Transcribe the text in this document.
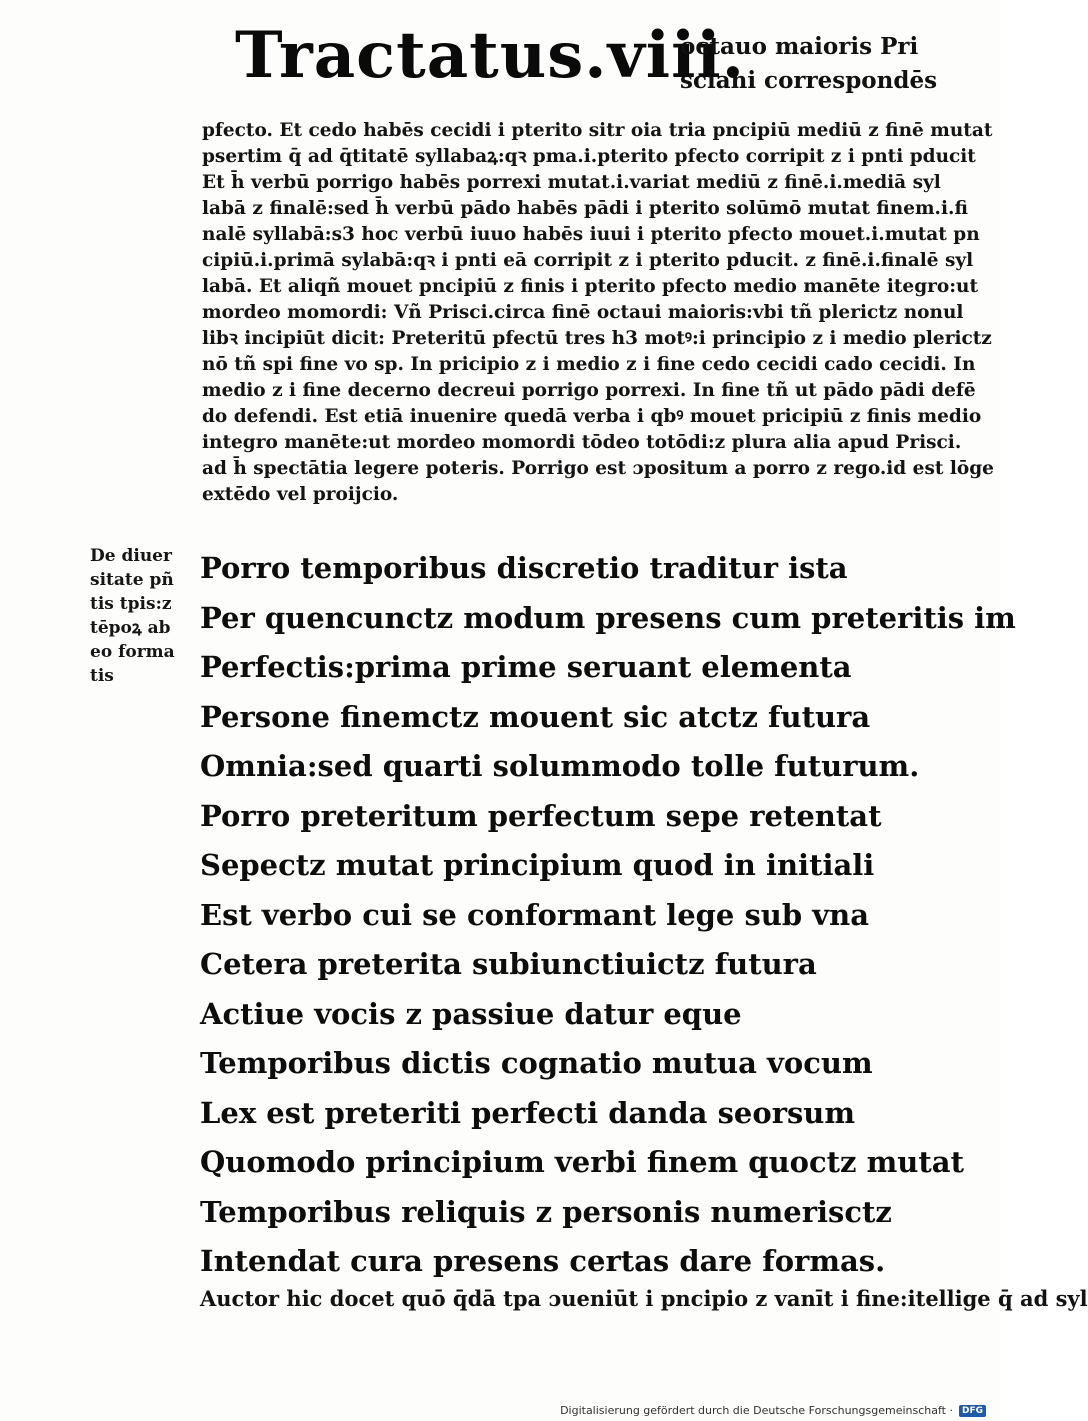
Tractatus.viii.
octauo maioris Pri
sciani correspondēs
pfecto. Et cedo habēs cecidi i pterito sitr oia tria pncipiū mediū z finē mutat
psertim q̄ ad q̄titatē syllabaꝝ:qꝛ pma.i.pterito pfecto corripit z i pnti pducit
Et h̄ verbū porrigo habēs porrexi mutat.i.variat mediū z finē.i.mediā syl
labā z finalē:sed h̄ verbū pādo habēs pādi i pterito solūmō mutat finem.i.fi
nalē syllabā:s3 hoc verbū iuuo habēs iuui i pterito pfecto mouet.i.mutat pn
cipiū.i.primā sylabā:qꝛ i pnti eā corripit z i pterito pducit. z finē.i.finalē syl
labā. Et aliqñ mouet pncipiū z finis i pterito pfecto medio manēte itegro:ut
mordeo momordi: Vñ Prisci.circa finē octaui maioris:vbi tñ plerictz nonul
libꝛ incipiūt dicit: Preteritū pfectū tres h3 motꝰ:i principio z i medio plerictz
nō tñ spi fine vo sp. In pricipio z i medio z i fine cedo cecidi cado cecidi. In
medio z i fine decerno decreui porrigo porrexi. In fine tñ ut pādo pādi defē
do defendi. Est etiā inuenire quedā verba i qbꝰ mouet pricipiū z finis medio
integro manēte:ut mordeo momordi tōdeo totōdi:z plura alia apud Prisci.
ad h̄ spectātia legere poteris. Porrigo est ɔpositum a porro z rego.id est lōge
extēdo vel proijcio.
De diuer
sitate pñ
tis tpis:z
tēpoꝝ ab
eo forma
tis
Porro temporibus discretio traditur ista
Per quencunctz modum presens cum preteritis im
Perfectis:prima prime seruant elementa
Persone finemctz mouent sic atctz futura
Omnia:sed quarti solummodo tolle futurum.
Porro preteritum perfectum sepe retentat
Sepectz mutat principium quod in initiali
Est verbo cui se conformant lege sub vna
Cetera preterita subiunctiuictz futura
Actiue vocis z passiue datur eque
Temporibus dictis cognatio mutua vocum
Lex est preteriti perfecti danda seorsum
Quomodo principium verbi finem quoctz mutat
Temporibus reliquis z personis numerisctz
Intendat cura presens certas dare formas.
Auctor hic docet quō q̄dā tpa ɔueniūt i pncipio z vanīt i fine:itellige q̄ ad syl
Digitalisierung gefördert durch die Deutsche Forschungsgemeinschaft ·	DFG
